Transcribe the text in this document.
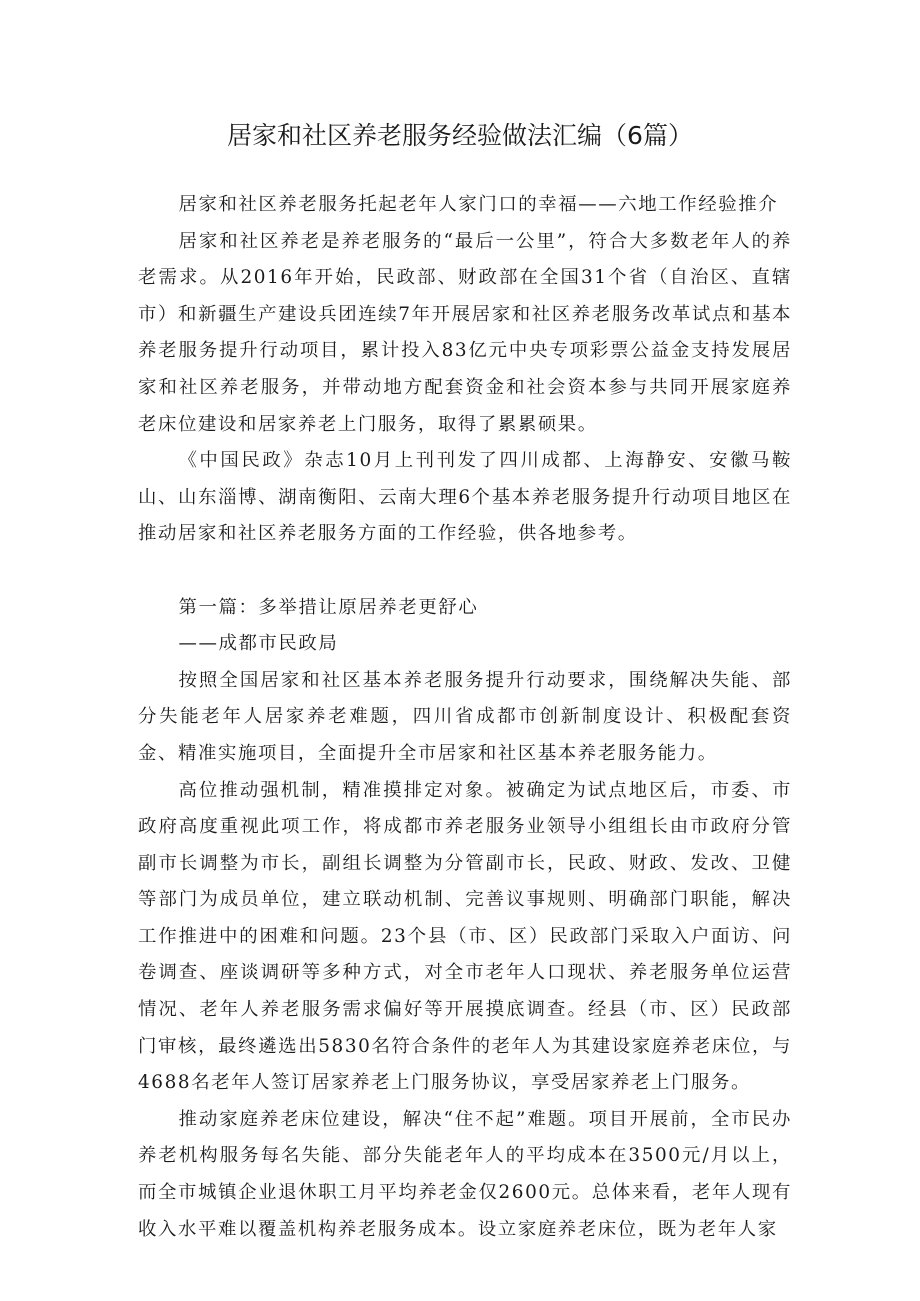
居家和社区养老服务经验做法汇编（6篇）

居家和社区养老服务托起老年人家门口的幸福——六地工作经验推介

居家和社区养老是养老服务的“最后一公里”，符合大多数老年人的养老需求。从2016年开始，民政部、财政部在全国31个省（自治区、直辖市）和新疆生产建设兵团连续7年开展居家和社区养老服务改革试点和基本养老服务提升行动项目，累计投入83亿元中央专项彩票公益金支持发展居家和社区养老服务，并带动地方配套资金和社会资本参与共同开展家庭养老床位建设和居家养老上门服务，取得了累累硕果。

《中国民政》杂志10月上刊刊发了四川成都、上海静安、安徽马鞍山、山东淄博、湖南衡阳、云南大理6个基本养老服务提升行动项目地区在推动居家和社区养老服务方面的工作经验，供各地参考。

第一篇：多举措让原居养老更舒心

——成都市民政局

按照全国居家和社区基本养老服务提升行动要求，围绕解决失能、部分失能老年人居家养老难题，四川省成都市创新制度设计、积极配套资金、精准实施项目，全面提升全市居家和社区基本养老服务能力。

高位推动强机制，精准摸排定对象。被确定为试点地区后，市委、市政府高度重视此项工作，将成都市养老服务业领导小组组长由市政府分管副市长调整为市长，副组长调整为分管副市长，民政、财政、发改、卫健等部门为成员单位，建立联动机制、完善议事规则、明确部门职能，解决工作推进中的困难和问题。23个县（市、区）民政部门采取入户面访、问卷调查、座谈调研等多种方式，对全市老年人口现状、养老服务单位运营情况、老年人养老服务需求偏好等开展摸底调查。经县（市、区）民政部门审核，最终遴选出5830名符合条件的老年人为其建设家庭养老床位，与4688名老年人签订居家养老上门服务协议，享受居家养老上门服务。

推动家庭养老床位建设，解决“住不起”难题。项目开展前，全市民办养老机构服务每名失能、部分失能老年人的平均成本在3500元/月以上，而全市城镇企业退休职工月平均养老金仅2600元。总体来看，老年人现有收入水平难以覆盖机构养老服务成本。设立家庭养老床位，既为老年人家
